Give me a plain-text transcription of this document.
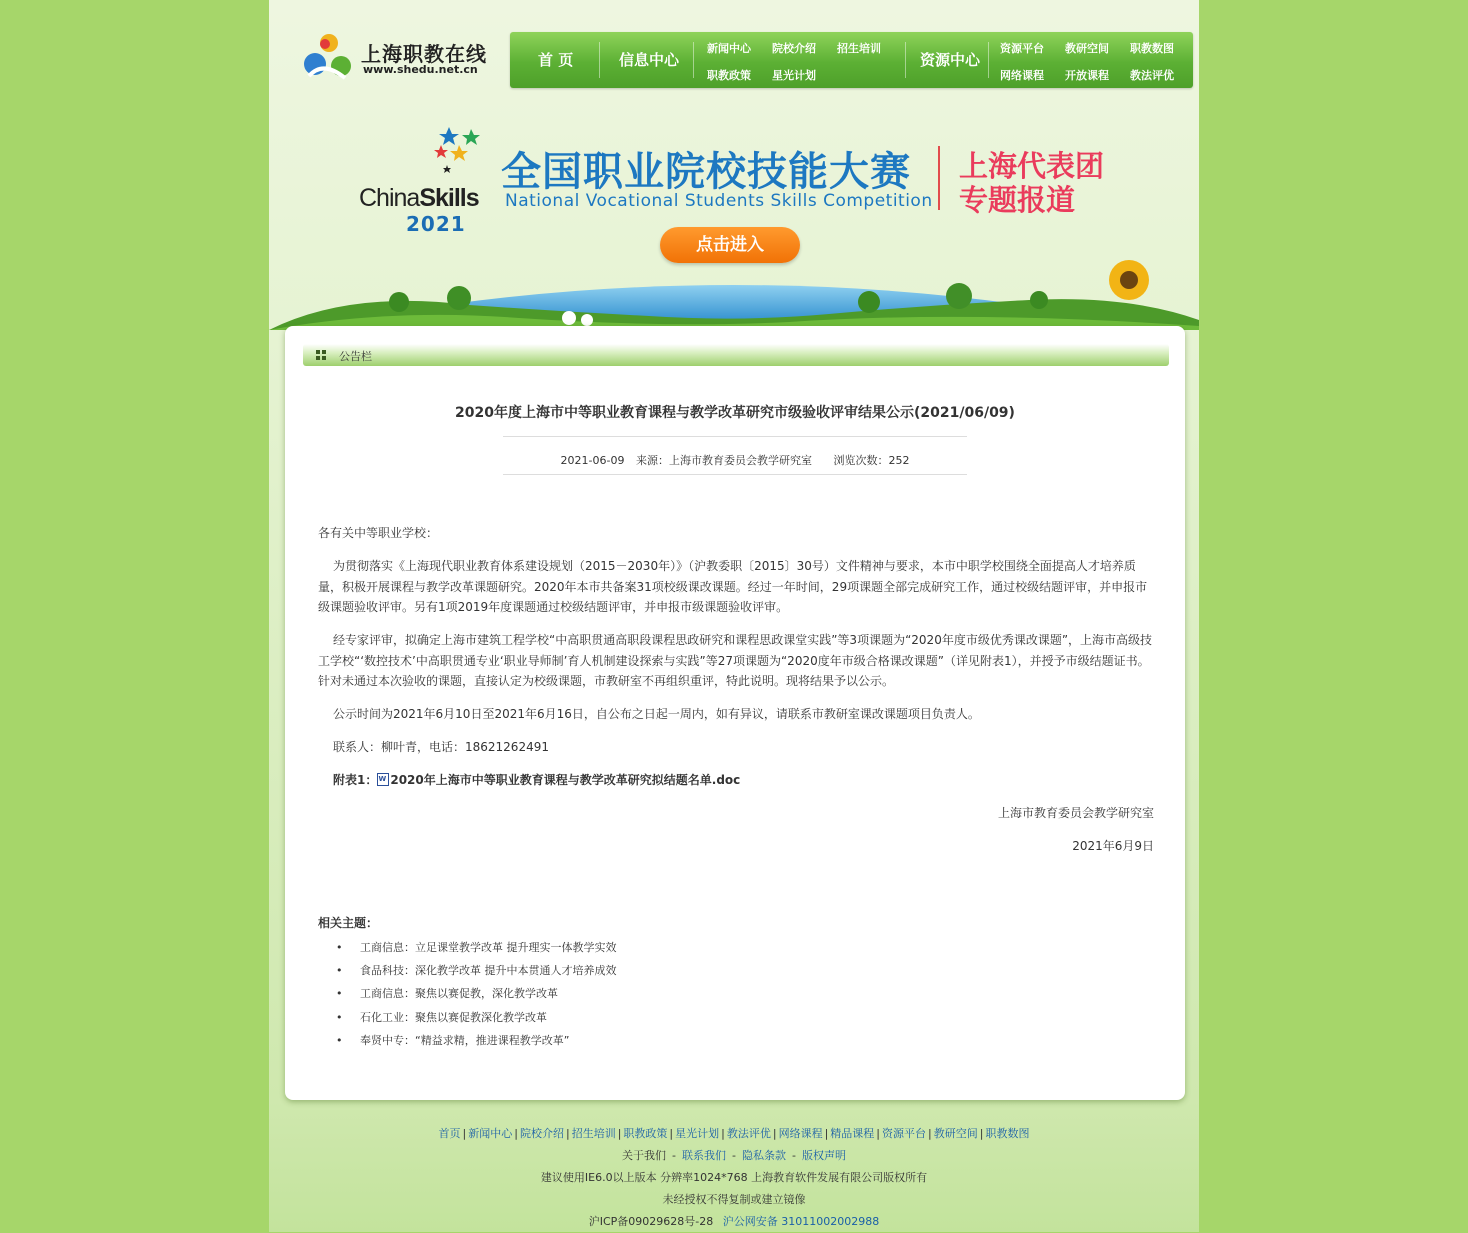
上海职教在线
www.shedu.net.cn
首 页	信息中心
新闻中心 院校介绍 招生培训
职教政策 星光计划
资源中心
资源平台 教研空间 职教数图
网络课程 开放课程 教法评优
ChinaSkills
2021
全国职业院校技能大赛
National Vocational Students Skills Competition
上海代表团
专题报道
点击进入
公告栏
2020年度上海市中等职业教育课程与教学改革研究市级验收评审结果公示(2021/06/09)
2021-06-09 来源：上海市教育委员会教学研究室 浏览次数：252

各有关中等职业学校：

为贯彻落实《上海现代职业教育体系建设规划（2015－2030年）》（沪教委职〔2015〕30号）文件精神与要求，本市中职学校围绕全面提高人才培养质量，积极开展课程与教学改革课题研究。2020年本市共备案31项校级课改课题。经过一年时间，29项课题全部完成研究工作，通过校级结题评审，并申报市级课题验收评审。另有1项2019年度课题通过校级结题评审，并申报市级课题验收评审。

经专家评审，拟确定上海市建筑工程学校“中高职贯通高职段课程思政研究和课程思政课堂实践”等3项课题为“2020年度市级优秀课改课题”，上海市高级技工学校“‘数控技术’中高职贯通专业‘职业导师制’育人机制建设探索与实践”等27项课题为“2020度年市级合格课改课题”（详见附表1），并授予市级结题证书。针对未通过本次验收的课题，直接认定为校级课题，市教研室不再组织重评，特此说明。现将结果予以公示。

公示时间为2021年6月10日至2021年6月16日，自公布之日起一周内，如有异议，请联系市教研室课改课题项目负责人。

联系人：柳叶青，电话：18621262491

附表1： W 2020年上海市中等职业教育课程与教学改革研究拟结题名单.doc

上海市教育委员会教学研究室

2021年6月9日

相关主题：
• 工商信息：立足课堂教学改革 提升理实一体教学实效
• 食品科技：深化教学改革 提升中本贯通人才培养成效
• 工商信息：聚焦以赛促教，深化教学改革
• 石化工业：聚焦以赛促教深化教学改革
• 奉贤中专：“精益求精，推进课程教学改革”
首页 | 新闻中心 | 院校介绍 | 招生培训 | 职教政策 | 星光计划 | 教法评优 | 网络课程 | 精品课程 | 资源平台 | 教研空间 | 职教数图
关于我们 - 联系我们 - 隐私条款 - 版权声明
建议使用IE6.0以上版本 分辨率1024*768 上海教育软件发展有限公司版权所有
未经授权不得复制或建立镜像
沪ICP备09029628号-28 沪公网安备 31011002002988
